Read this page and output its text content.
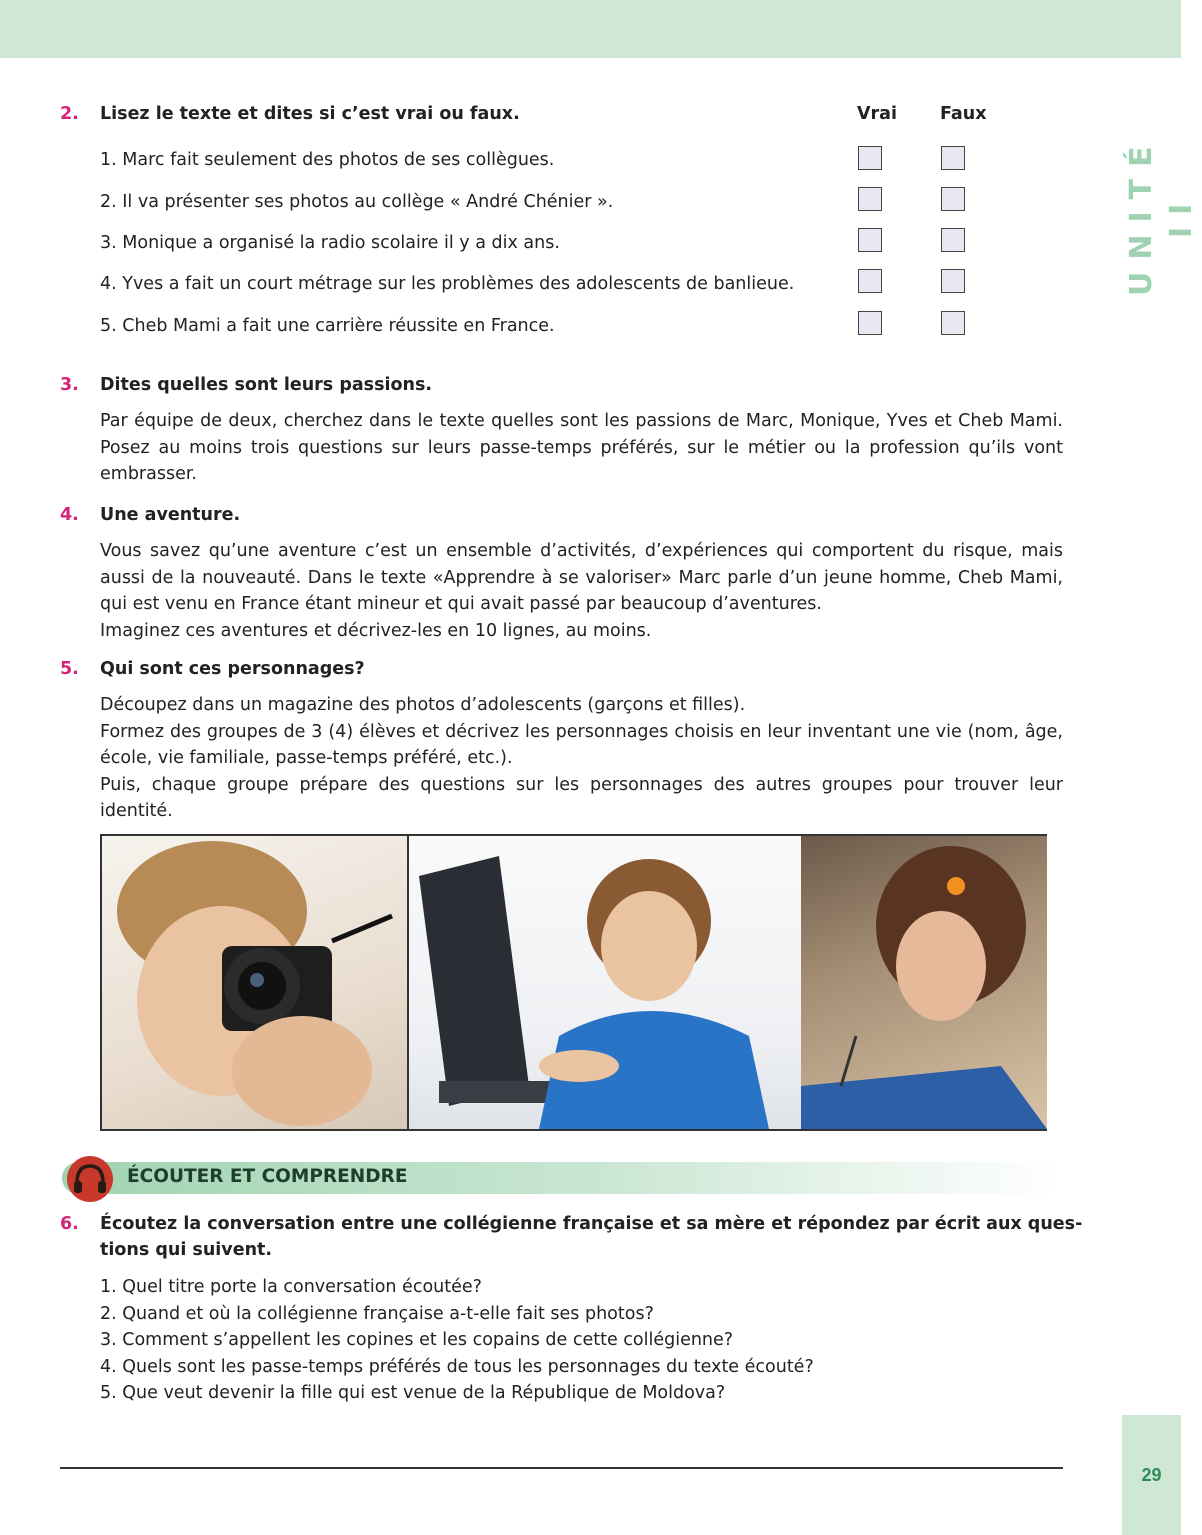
UNITÉ II
2. Lisez le texte et dites si c’est vrai ou faux.	Vrai Faux
1. Marc fait seulement des photos de ses collègues.
2. Il va présenter ses photos au collège « André Chénier ».
3. Monique a organisé la radio scolaire il y a dix ans.
4. Yves a fait un court métrage sur les problèmes des adolescents de banlieue.
5. Cheb Mami a fait une carrière réussite en France.
3. Dites quelles sont leurs passions.

Par équipe de deux, cherchez dans le texte quelles sont les passions de Marc, Monique, Yves et Cheb Mami. Posez au moins trois questions sur leurs passe-temps préférés, sur le métier ou la profession qu’ils vont embrasser.

4. Une aventure.

Vous savez qu’une aventure c’est un ensemble d’activités, d’expériences qui comportent du risque, mais aussi de la nouveauté. Dans le texte «Apprendre à se valoriser» Marc parle d’un jeune homme, Cheb Mami, qui est venu en France étant mineur et qui avait passé par beaucoup d’aventures.

Imaginez ces aventures et décrivez-les en 10 lignes, au moins.

5. Qui sont ces personnages?

Découpez dans un magazine des photos d’adolescents (garçons et filles).

Formez des groupes de 3 (4) élèves et décrivez les personnages choisis en leur inventant une vie (nom, âge, école, vie familiale, passe-temps préféré, etc.).

Puis, chaque groupe prépare des questions sur les personnages des autres groupes pour trouver leur identité.

ÉCOUTER ET COMPRENDRE
6. Écoutez la conversation entre une collégienne française et sa mère et répondez par écrit aux ques-
tions qui suivent.
1. Quel titre porte la conversation écoutée?
2. Quand et où la collégienne française a-t-elle fait ses photos?
3. Comment s’appellent les copines et les copains de cette collégienne?
4. Quels sont les passe-temps préférés de tous les personnages du texte écouté?
5. Que veut devenir la fille qui est venue de la République de Moldova?
29
